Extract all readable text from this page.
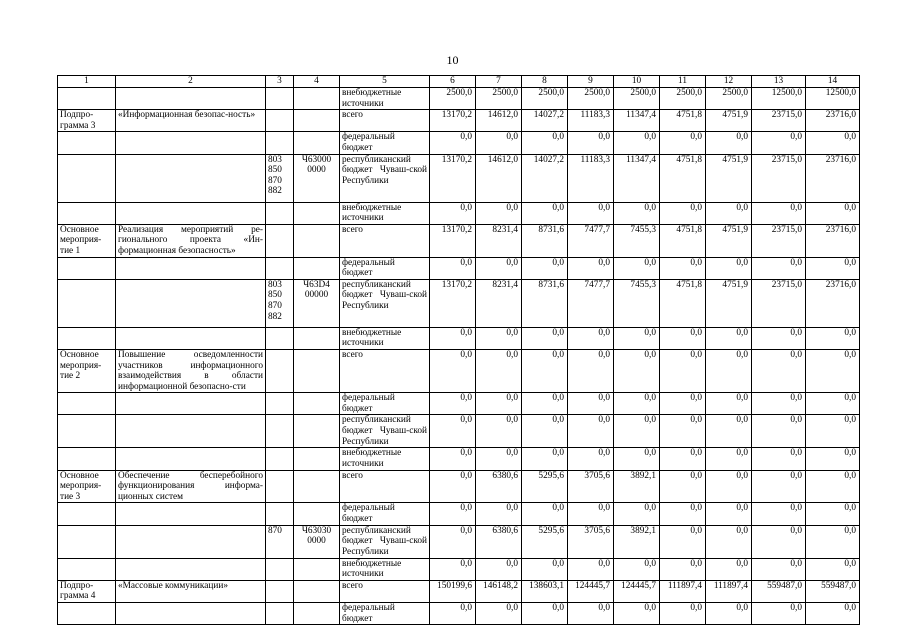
10
1	2	3	4	5	6	7	8	9	10	11	12	13	14
				внебюджетные источники	2500,0	2500,0	2500,0	2500,0	2500,0	2500,0	2500,0	12500,0	12500,0
Подпро-грамма 3	«Информационная безопас-ность»			всего	13170,2	14612,0	14027,2	11183,3	11347,4	4751,8	4751,9	23715,0	23716,0
				федеральный бюджет	0,0	0,0	0,0	0,0	0,0	0,0	0,0	0,0	0,0
		803 850 870 882	Ч63000 0000	республиканский бюджет Чуваш-ской Республики	13170,2	14612,0	14027,2	11183,3	11347,4	4751,8	4751,9	23715,0	23716,0
				внебюджетные источники	0,0	0,0	0,0	0,0	0,0	0,0	0,0	0,0	0,0
Основное мероприя-тие 1	Реализация мероприятий ре-гионального проекта «Ин-формационная безопасность»			всего	13170,2	8231,4	8731,6	7477,7	7455,3	4751,8	4751,9	23715,0	23716,0
				федеральный бюджет	0,0	0,0	0,0	0,0	0,0	0,0	0,0	0,0	0,0
		803 850 870 882	Ч63D4 00000	республиканский бюджет Чуваш-ской Республики	13170,2	8231,4	8731,6	7477,7	7455,3	4751,8	4751,9	23715,0	23716,0
				внебюджетные источники	0,0	0,0	0,0	0,0	0,0	0,0	0,0	0,0	0,0
Основное мероприя-тие 2	Повышение осведомленности участников информационного взаимодействия в области информационной безопасно-сти			всего	0,0	0,0	0,0	0,0	0,0	0,0	0,0	0,0	0,0
				федеральный бюджет	0,0	0,0	0,0	0,0	0,0	0,0	0,0	0,0	0,0
				республиканский бюджет Чуваш-ской Республики	0,0	0,0	0,0	0,0	0,0	0,0	0,0	0,0	0,0
				внебюджетные источники	0,0	0,0	0,0	0,0	0,0	0,0	0,0	0,0	0,0
Основное мероприя-тие 3	Обеспечение бесперебойного функционирования информа-ционных систем			всего	0,0	6380,6	5295,6	3705,6	3892,1	0,0	0,0	0,0	0,0
				федеральный бюджет	0,0	0,0	0,0	0,0	0,0	0,0	0,0	0,0	0,0
		870	Ч63030 0000	республиканский бюджет Чуваш-ской Республики	0,0	6380,6	5295,6	3705,6	3892,1	0,0	0,0	0,0	0,0
				внебюджетные источники	0,0	0,0	0,0	0,0	0,0	0,0	0,0	0,0	0,0
Подпро-грамма 4	«Массовые коммуникации»			всего	150199,6	146148,2	138603,1	124445,7	124445,7	111897,4	111897,4	559487,0	559487,0
				федеральный бюджет	0,0	0,0	0,0	0,0	0,0	0,0	0,0	0,0	0,0
